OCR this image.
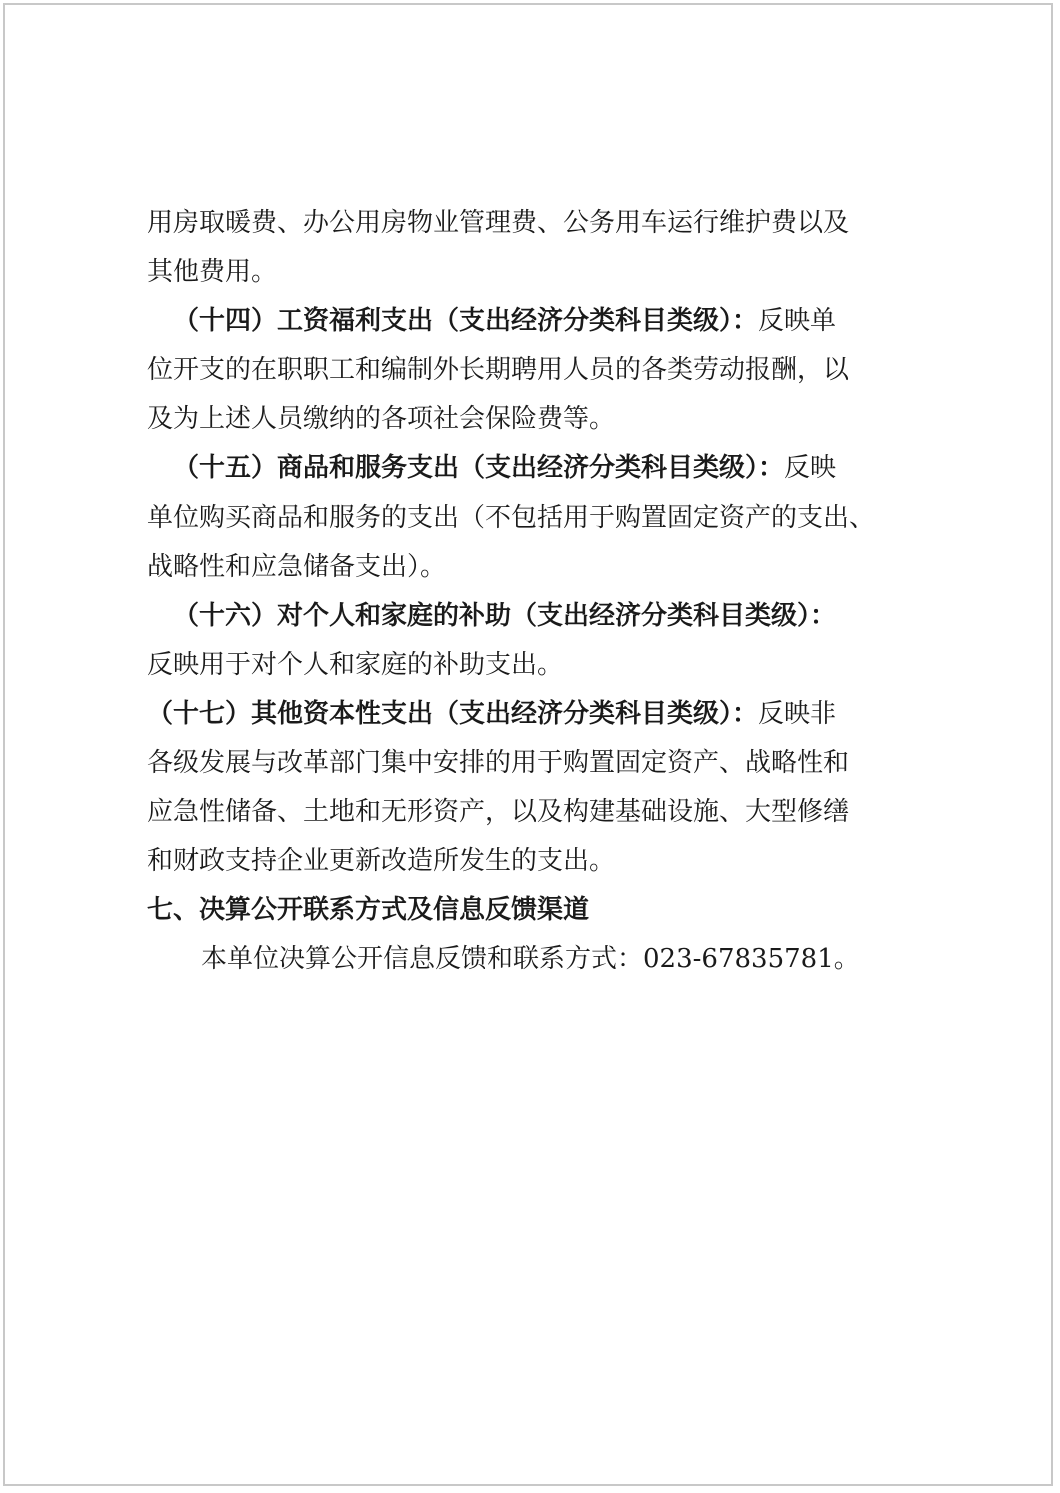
用房取暖费、办公用房物业管理费、公务用车运行维护费以及
其他费用。
（十四）工资福利支出（支出经济分类科目类级）：反映单
位开支的在职职工和编制外长期聘用人员的各类劳动报酬，以
及为上述人员缴纳的各项社会保险费等。
（十五）商品和服务支出（支出经济分类科目类级）：反映
单位购买商品和服务的支出（不包括用于购置固定资产的支出、
战略性和应急储备支出）。
（十六）对个人和家庭的补助（支出经济分类科目类级）：
反映用于对个人和家庭的补助支出。
（十七）其他资本性支出（支出经济分类科目类级）：反映非
各级发展与改革部门集中安排的用于购置固定资产、战略性和
应急性储备、土地和无形资产，以及构建基础设施、大型修缮
和财政支持企业更新改造所发生的支出。
七、决算公开联系方式及信息反馈渠道
本单位决算公开信息反馈和联系方式：023-67835781。
